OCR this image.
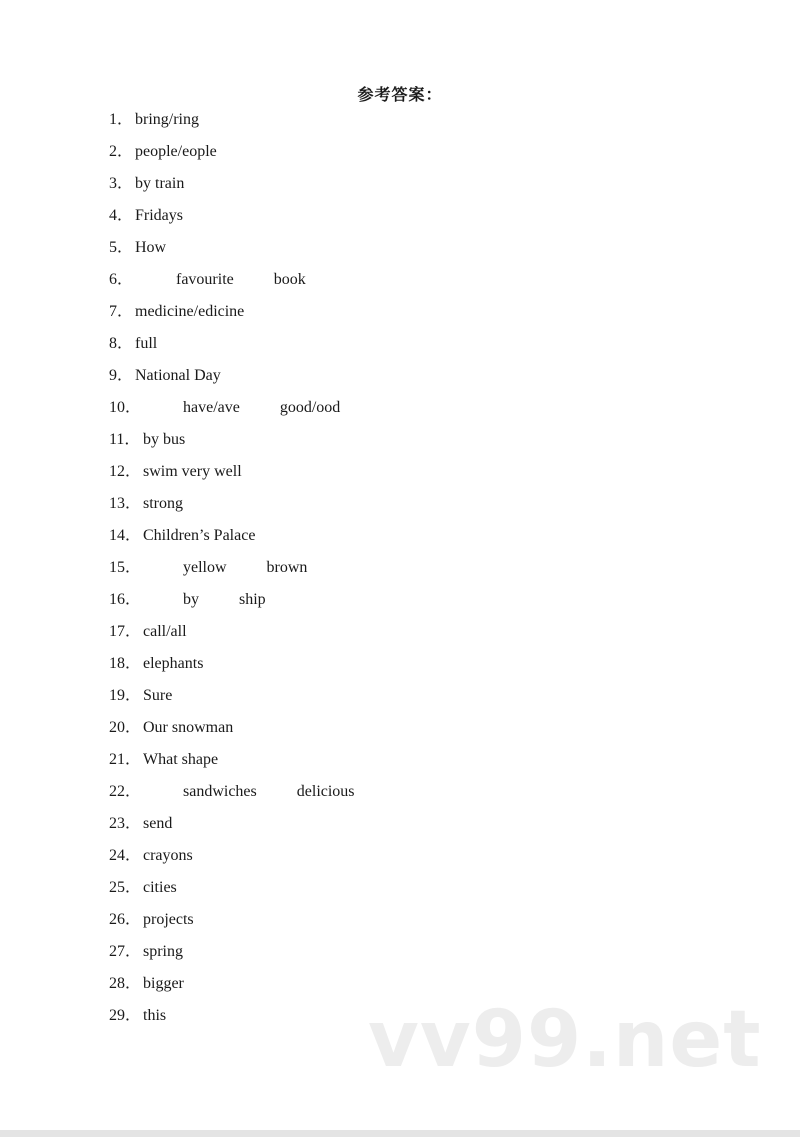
参考答案：
1． bring/ring
2． people/eople
3． by train
4． Fridays
5． How
6．	favourite	book
7． medicine/edicine
8． full
9． National Day
10．	have/ave	good/ood
11． by bus
12． swim very well
13． strong
14． Children’s Palace
15．	yellow	brown
16．	by	ship
17． call/all
18． elephants
19． Sure
20． Our snowman
21． What shape
22．	sandwiches	delicious
23． send
24． crayons
25． cities
26． projects
27． spring
28． bigger
29． this	vv99.net
